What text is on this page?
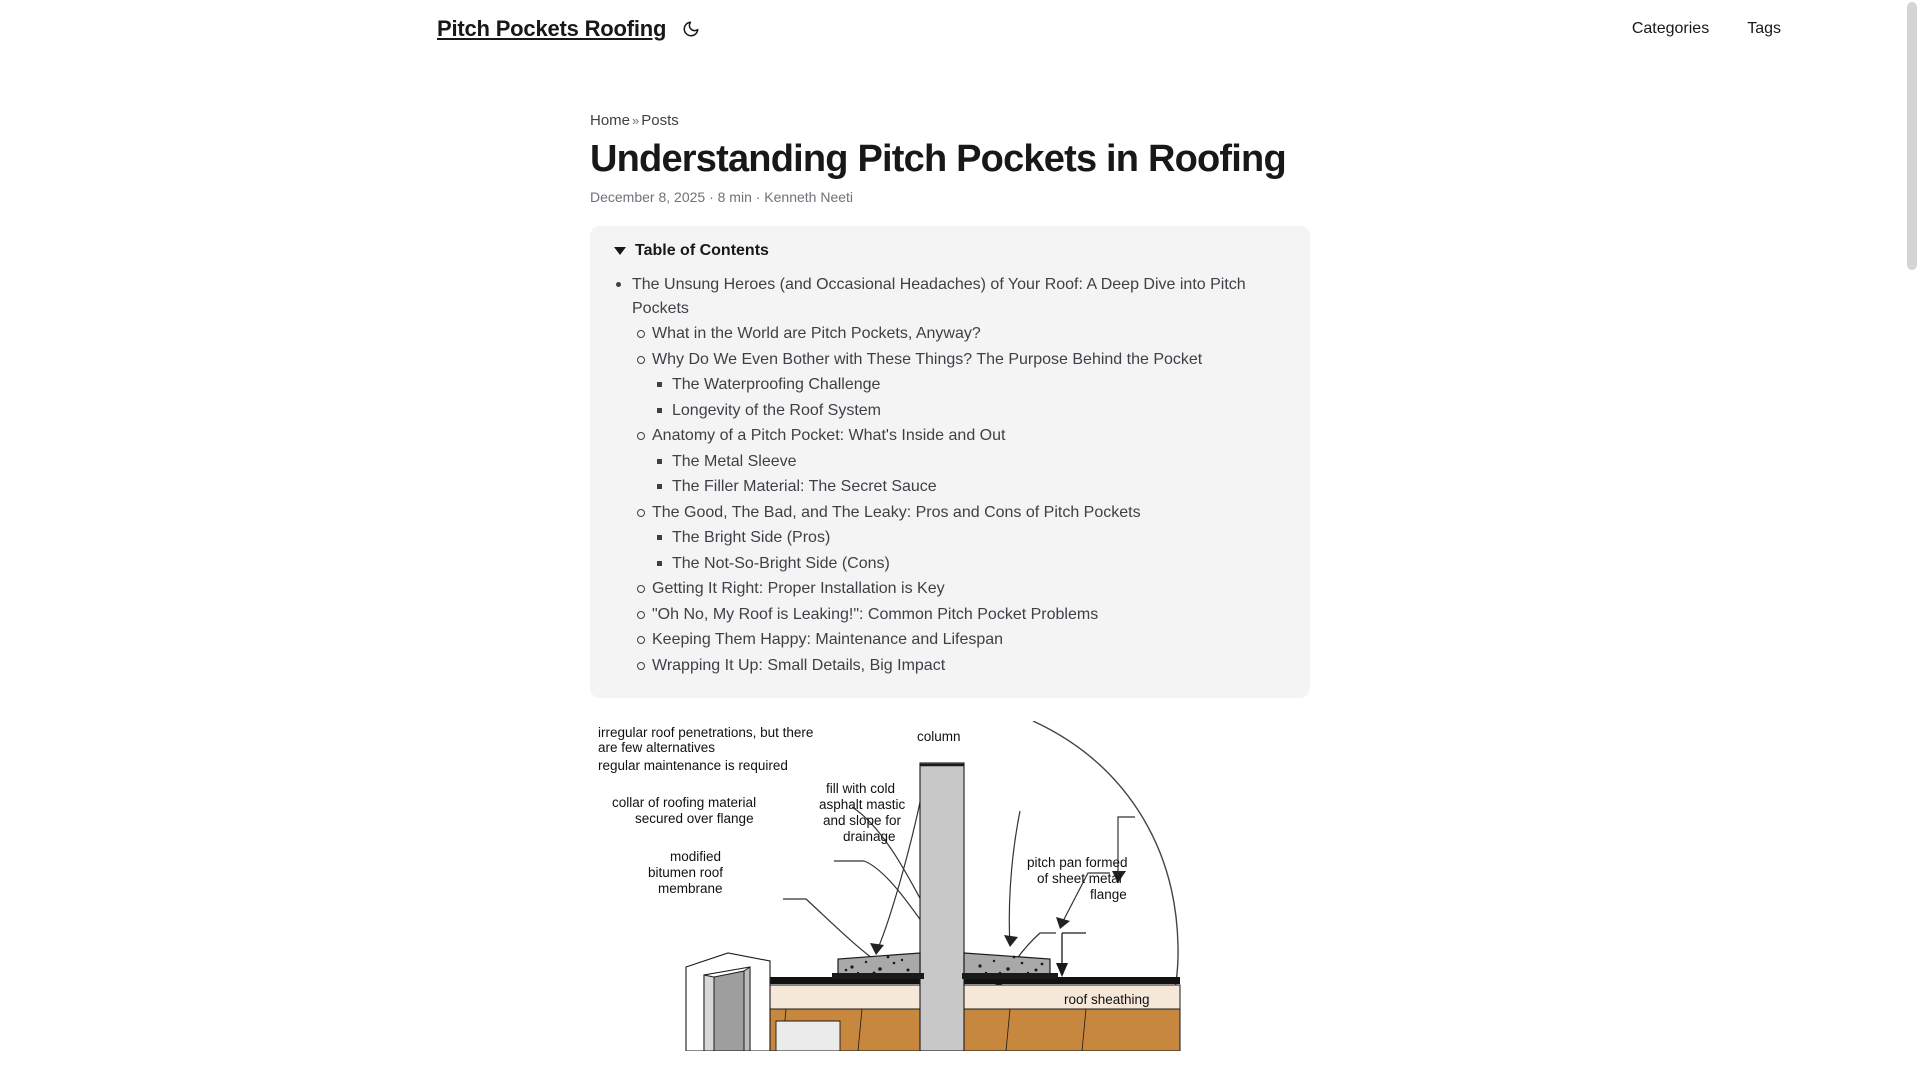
Pitch Pockets Roofing	Categories Tags
Home » Posts
Understanding Pitch Pockets in Roofing
December 8, 2025 · 8 min · Kenneth Neeti
Table of Contents
The Unsung Heroes (and Occasional Headaches) of Your Roof: A Deep Dive into Pitch Pockets
What in the World are Pitch Pockets, Anyway?
Why Do We Even Bother with These Things? The Purpose Behind the Pocket
The Waterproofing Challenge
Longevity of the Roof System
Anatomy of a Pitch Pocket: What's Inside and Out
The Metal Sleeve
The Filler Material: The Secret Sauce
The Good, The Bad, and The Leaky: Pros and Cons of Pitch Pockets
The Bright Side (Pros)
The Not-So-Bright Side (Cons)
Getting It Right: Proper Installation is Key
"Oh No, My Roof is Leaking!": Common Pitch Pocket Problems
Keeping Them Happy: Maintenance and Lifespan
Wrapping It Up: Small Details, Big Impact
irregular roof penetrations, but there
are few alternatives
regular maintenance is required
collar of roofing material
secured over flange
modified
bitumen roof
membrane
fill with cold
asphalt mastic
and slope for
drainage
column
pitch pan formed
of sheet metal
flange
roof sheathing
